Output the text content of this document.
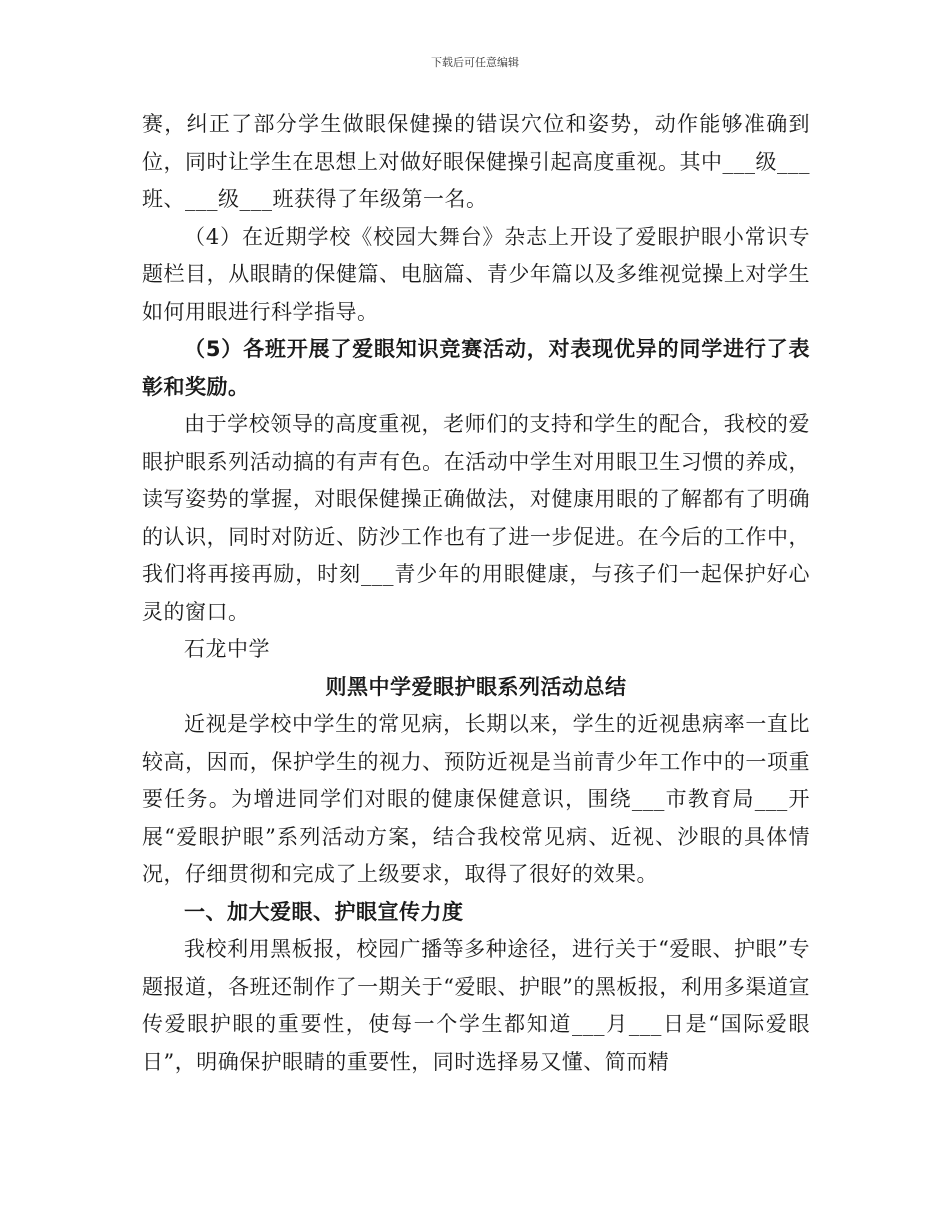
下载后可任意编辑

赛，纠正了部分学生做眼保健操的错误穴位和姿势，动作能够准确到位，同时让学生在思想上对做好眼保健操引起高度重视。其中___级___班、___级___班获得了年级第一名。

（4）在近期学校《校园大舞台》杂志上开设了爱眼护眼小常识专题栏目，从眼睛的保健篇、电脑篇、青少年篇以及多维视觉操上对学生如何用眼进行科学指导。

（5）各班开展了爱眼知识竞赛活动，对表现优异的同学进行了表彰和奖励。

由于学校领导的高度重视，老师们的支持和学生的配合，我校的爱眼护眼系列活动搞的有声有色。在活动中学生对用眼卫生习惯的养成，读写姿势的掌握，对眼保健操正确做法，对健康用眼的了解都有了明确的认识，同时对防近、防沙工作也有了进一步促进。在今后的工作中，我们将再接再励，时刻___青少年的用眼健康，与孩子们一起保护好心灵的窗口。

石龙中学

则黑中学爱眼护眼系列活动总结

近视是学校中学生的常见病，长期以来，学生的近视患病率一直比较高，因而，保护学生的视力、预防近视是当前青少年工作中的一项重要任务。为增进同学们对眼的健康保健意识，围绕___市教育局___开展“爱眼护眼”系列活动方案，结合我校常见病、近视、沙眼的具体情况，仔细贯彻和完成了上级要求，取得了很好的效果。

一、加大爱眼、护眼宣传力度

我校利用黑板报，校园广播等多种途径，进行关于“爱眼、护眼”专题报道，各班还制作了一期关于“爱眼、护眼”的黑板报，利用多渠道宣传爱眼护眼的重要性，使每一个学生都知道___月___日是“国际爱眼日”，明确保护眼睛的重要性，同时选择易又懂、简而精
